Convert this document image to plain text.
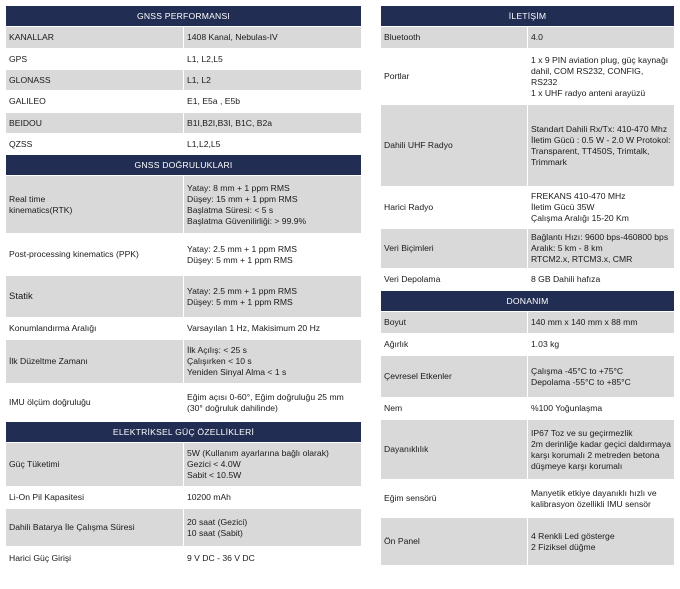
GNSS PERFORMANSI	
KANALLAR	1408 Kanal, Nebulas-IV
GPS	L1, L2,L5
GLONASS	L1, L2
GALILEO	E1, E5a , E5b
BEIDOU	B1I,B2I,B3I, B1C, B2a
QZSS	L1,L2,L5
GNSS DOĞRULUKLARI	
Real time
kinematics(RTK)	Yatay: 8 mm + 1 ppm RMS
Düşey: 15 mm + 1 ppm RMS
Başlatma Süresi: < 5 s
Başlatma Güvenilirliği: > 99.9%
Post-processing kinematics (PPK)	Yatay: 2.5 mm + 1 ppm RMS
Düşey: 5 mm + 1 ppm RMS
Statik	Yatay: 2.5 mm + 1 ppm RMS
Düşey: 5 mm + 1 ppm RMS
Konumlandırma Aralığı	Varsayılan 1 Hz, Makisimum 20 Hz
İlk Düzeltme Zamanı	İlk Açılış: < 25 s
Çalışırken < 10 s
Yeniden Sinyal Alma < 1 s
IMU ölçüm doğruluğu	Eğim açısı 0-60°, Eğim doğruluğu 25 mm
(30° doğruluk dahilinde)
ELEKTRİKSEL GÜÇ ÖZELLİKLERİ	
Güç Tüketimi	5W (Kullanım ayarlarına bağlı olarak)
Gezici < 4.0W
Sabit < 10.5W
Li-On Pil Kapasitesi	10200 mAh
Dahili Batarya İle Çalışma Süresi	20 saat (Gezici)
10 saat (Sabit)
Harici Güç Girişi	9 V DC - 36 V DC
İLETİŞİM	
Bluetooth	4.0
Portlar	1 x 9 PIN aviation plug, güç kaynağı
dahil, COM RS232, CONFIG, RS232
1 x UHF radyo anteni arayüzü
Dahili UHF Radyo	Standart Dahili Rx/Tx: 410-470 Mhz
İletim Gücü : 0.5 W - 2.0 W Protokol:
Transparent, TT450S, Trimtalk,
Trimmark
Harici Radyo	FREKANS 410-470 MHz
İletim Gücü 35W
Çalışma Aralığı 15-20 Km
Veri Biçimleri	Bağlantı Hızı: 9600 bps-460800 bps
Aralık: 5 km - 8 km
RTCM2.x, RTCM3.x, CMR
Veri Depolama	8 GB Dahili hafıza
DONANIM	
Boyut	140 mm x 140 mm x 88 mm
Ağırlık	1.03 kg
Çevresel Etkenler	Çalışma -45°C to +75°C
Depolama -55°C to +85°C
Nem	%100 Yoğunlaşma
Dayanıklılık	IP67 Toz ve su geçirmezlik
2m derinliğe kadar geçici daldırmaya
karşı korumalı 2 metreden betona
düşmeye karşı korumalı
Eğim sensörü	Manyetik etkiye dayanıklı hızlı ve
kalibrasyon özellikli IMU sensör
Ön Panel	4 Renkli Led gösterge
2 Fiziksel düğme
